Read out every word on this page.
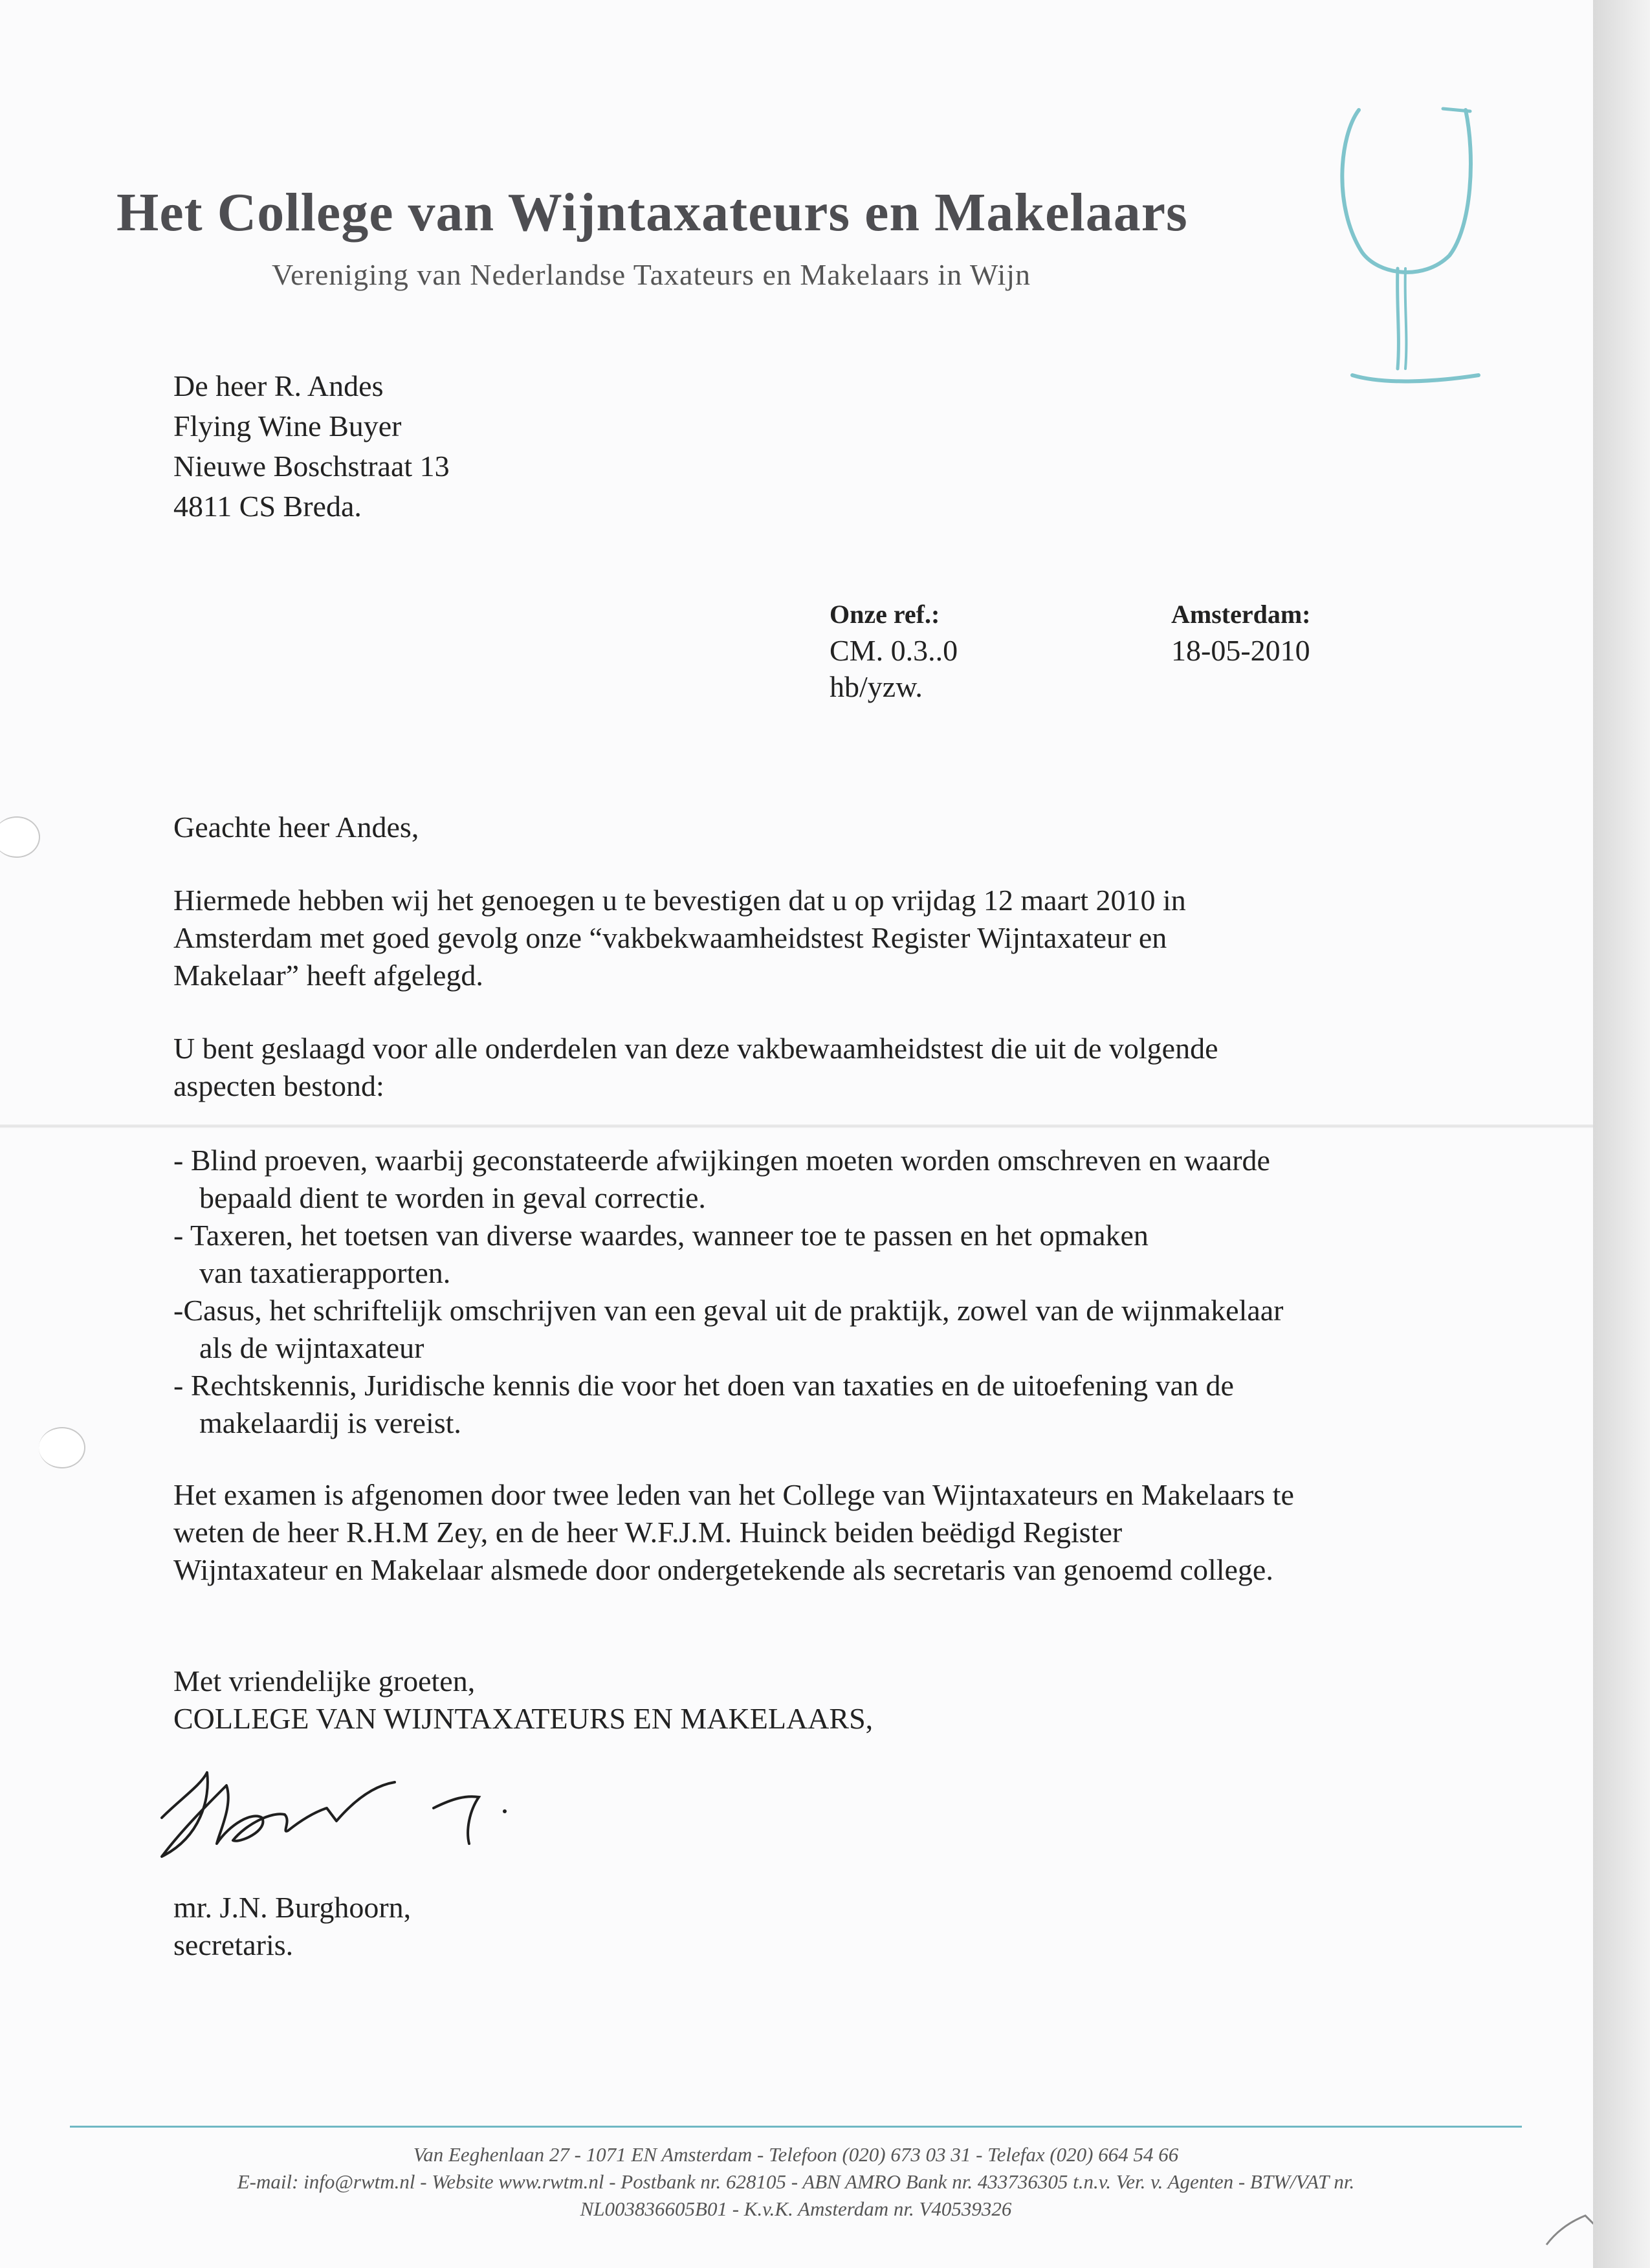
Het College van Wijntaxateurs en Makelaars
Vereniging van Nederlandse Taxateurs en Makelaars in Wijn
De heer R. Andes
Flying Wine Buyer
Nieuwe Boschstraat 13
4811 CS Breda.
Onze ref.:
CM. 0.3..0
hb/yzw.
Amsterdam:
18-05-2010
Geachte heer Andes,
Hiermede hebben wij het genoegen u te bevestigen dat u op vrijdag 12 maart 2010 in
Amsterdam met goed gevolg onze “vakbekwaamheidstest Register Wijntaxateur en
Makelaar” heeft afgelegd.
U bent geslaagd voor alle onderdelen van deze vakbewaamheidstest die uit de volgende
aspecten bestond:
- Blind proeven, waarbij geconstateerde afwijkingen moeten worden omschreven en waarde
bepaald dient te worden in geval correctie.
- Taxeren, het toetsen van diverse waardes, wanneer toe te passen en het opmaken
van taxatierapporten.
-Casus, het schriftelijk omschrijven van een geval uit de praktijk, zowel van de wijnmakelaar
als de wijntaxateur
- Rechtskennis, Juridische kennis die voor het doen van taxaties en de uitoefening van de
makelaardij is vereist.
Het examen is afgenomen door twee leden van het College van Wijntaxateurs en Makelaars te
weten de heer R.H.M Zey, en de heer W.F.J.M. Huinck beiden beëdigd Register
Wijntaxateur en Makelaar alsmede door ondergetekende als secretaris van genoemd college.
Met vriendelijke groeten,
COLLEGE VAN WIJNTAXATEURS EN MAKELAARS,
mr. J.N. Burghoorn,
secretaris.
Van Eeghenlaan 27 - 1071 EN Amsterdam - Telefoon (020) 673 03 31 - Telefax (020) 664 54 66
E-mail: info@rwtm.nl - Website www.rwtm.nl - Postbank nr. 628105 - ABN AMRO Bank nr. 433736305 t.n.v. Ver. v. Agenten - BTW/VAT nr.
NL003836605B01 - K.v.K. Amsterdam nr. V40539326
